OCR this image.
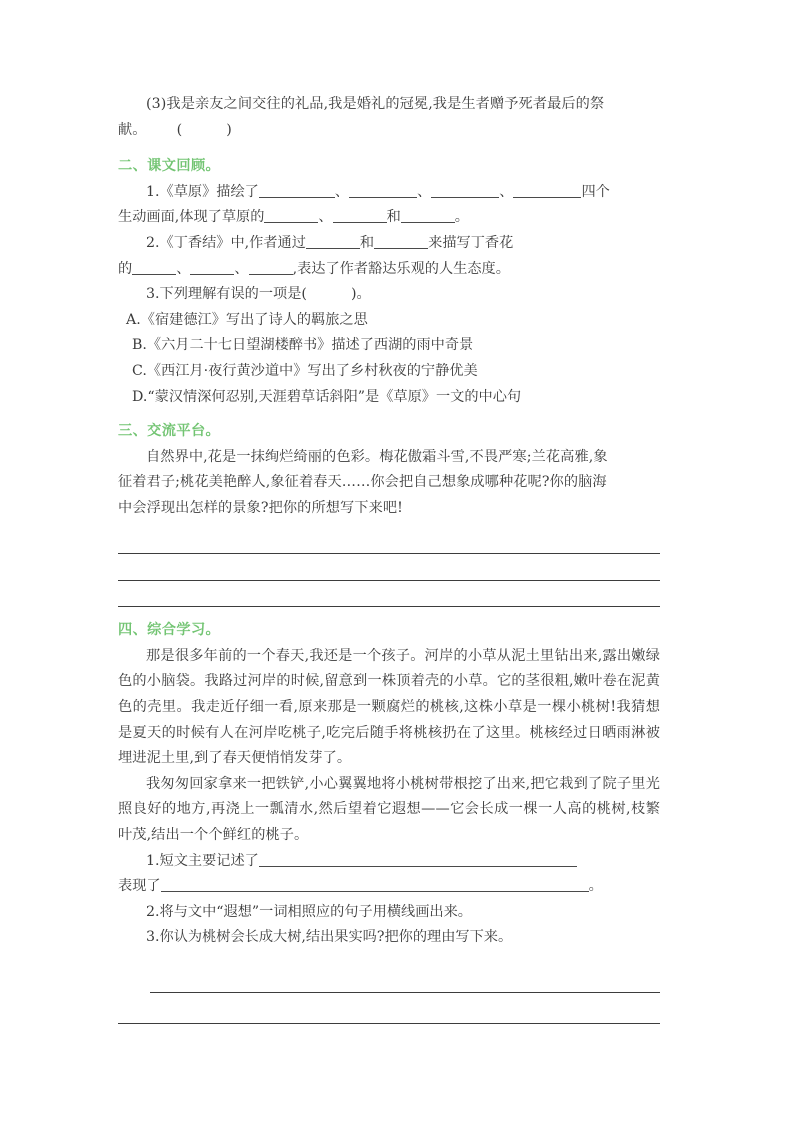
(3)我是亲友之间交往的礼品,我是婚礼的冠冕,我是生者赠予死者最后的祭

献。 (	)

二、课文回顾。

1.《草原》描绘了	、	、	、	四个

生动画面,体现了草原的	、	和	。

2.《丁香结》中,作者通过	和	来描写丁香花

的	、	、	,表达了作者豁达乐观的人生态度。

3.下列理解有误的一项是(	)。

A.《宿建德江》写出了诗人的羁旅之思

B.《六月二十七日望湖楼醉书》描述了西湖的雨中奇景

C.《西江月·夜行黄沙道中》写出了乡村秋夜的宁静优美

D.“蒙汉情深何忍别,天涯碧草话斜阳”是《草原》一文的中心句

三、交流平台。

自然界中,花是一抹绚烂绮丽的色彩。梅花傲霜斗雪,不畏严寒;兰花高雅,象

征着君子;桃花美艳醉人,象征着春天……你会把自己想象成哪种花呢?你的脑海

中会浮现出怎样的景象?把你的所想写下来吧!

四、综合学习。

那是很多年前的一个春天,我还是一个孩子。河岸的小草从泥土里钻出来,露出嫩绿色的小脑袋。我路过河岸的时候,留意到一株顶着壳的小草。它的茎很粗,嫩叶卷在泥黄色的壳里。我走近仔细一看,原来那是一颗腐烂的桃核,这株小草是一棵小桃树!我猜想是夏天的时候有人在河岸吃桃子,吃完后随手将桃核扔在了这里。桃核经过日晒雨淋被埋进泥土里,到了春天便悄悄发芽了。

我匆匆回家拿来一把铁铲,小心翼翼地将小桃树带根挖了出来,把它栽到了院子里光照良好的地方,再浇上一瓢清水,然后望着它遐想——它会长成一棵一人高的桃树,枝繁叶茂,结出一个个鲜红的桃子。

1.短文主要记述了

表现了	。

2.将与文中“遐想”一词相照应的句子用横线画出来。

3.你认为桃树会长成大树,结出果实吗?把你的理由写下来。
